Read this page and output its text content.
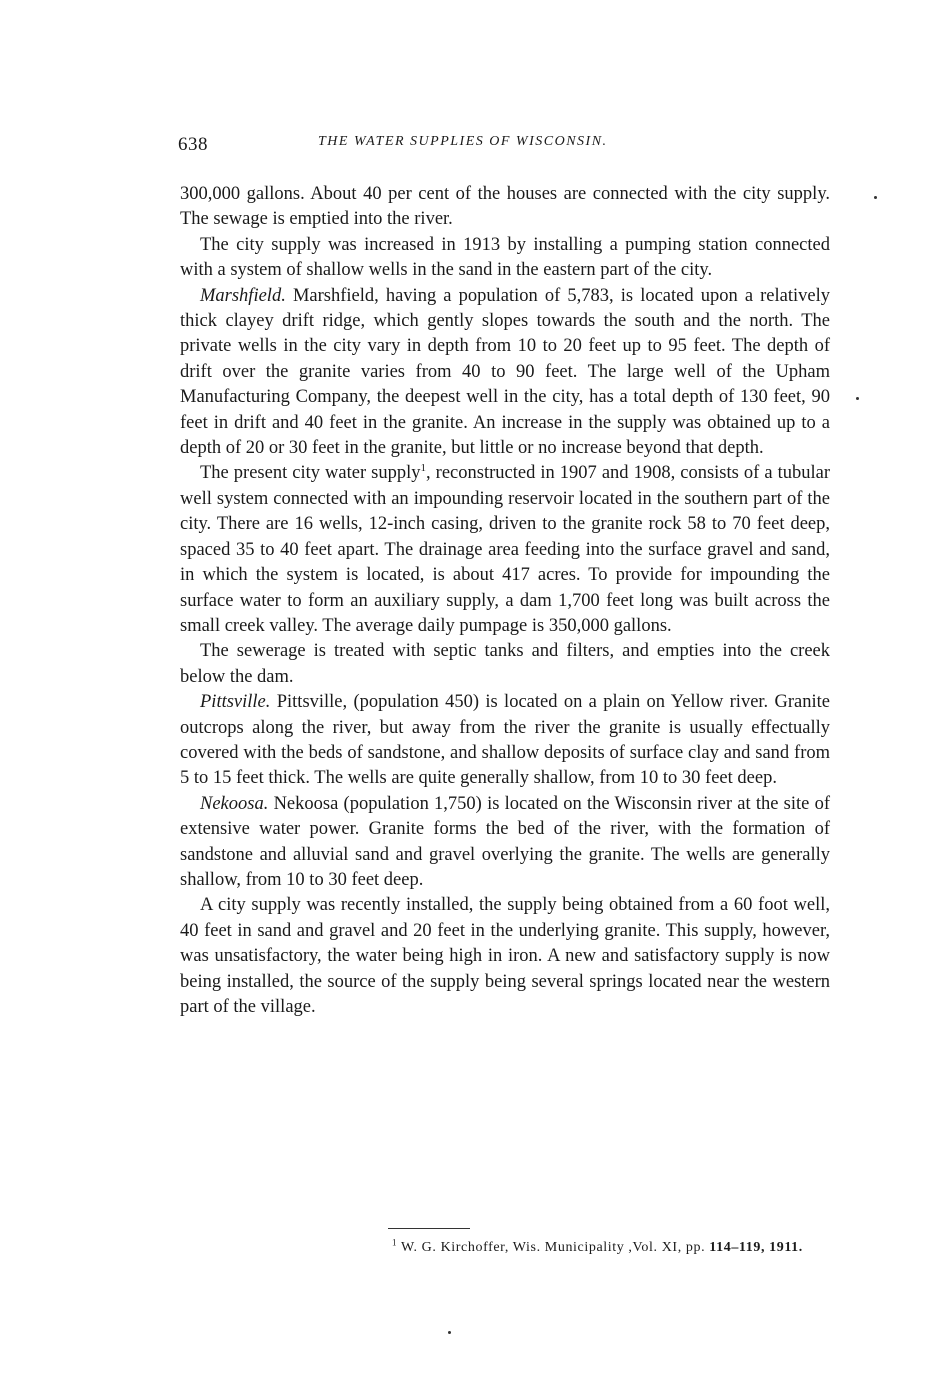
638	THE WATER SUPPLIES OF WISCONSIN.

300,000 gallons. About 40 per cent of the houses are connected with the city supply. The sewage is emptied into the river.

The city supply was increased in 1913 by installing a pumping station connected with a system of shallow wells in the sand in the eastern part of the city.

Marshfield. Marshfield, having a population of 5,783, is located upon a relatively thick clayey drift ridge, which gently slopes towards the south and the north. The private wells in the city vary in depth from 10 to 20 feet up to 95 feet. The depth of drift over the granite varies from 40 to 90 feet. The large well of the Upham Manufacturing Company, the deepest well in the city, has a total depth of 130 feet, 90 feet in drift and 40 feet in the granite. An increase in the supply was obtained up to a depth of 20 or 30 feet in the granite, but little or no increase beyond that depth.

The present city water supply$^1$, reconstructed in 1907 and 1908, consists of a tubular well system connected with an impounding reservoir located in the southern part of the city. There are 16 wells, 12-inch casing, driven to the granite rock 58 to 70 feet deep, spaced 35 to 40 feet apart. The drainage area feeding into the surface gravel and sand, in which the system is located, is about 417 acres. To provide for impounding the surface water to form an auxiliary supply, a dam 1,700 feet long was built across the small creek valley. The average daily pumpage is 350,000 gallons.

The sewerage is treated with septic tanks and filters, and empties into the creek below the dam.

Pittsville. Pittsville, (population 450) is located on a plain on Yellow river. Granite outcrops along the river, but away from the river the granite is usually effectually covered with the beds of sandstone, and shallow deposits of surface clay and sand from 5 to 15 feet thick. The wells are quite generally shallow, from 10 to 30 feet deep.

Nekoosa. Nekoosa (population 1,750) is located on the Wisconsin river at the site of extensive water power. Granite forms the bed of the river, with the formation of sandstone and alluvial sand and gravel overlying the granite. The wells are generally shallow, from 10 to 30 feet deep.

A city supply was recently installed, the supply being obtained from a 60 foot well, 40 feet in sand and gravel and 20 feet in the underlying granite. This supply, however, was unsatisfactory, the water being high in iron. A new and satisfactory supply is now being installed, the source of the supply being several springs located near the western part of the village.

$^1$ W. G. Kirchoffer, Wis. Municipality ,Vol. XI, pp. 114–119, 1911.
